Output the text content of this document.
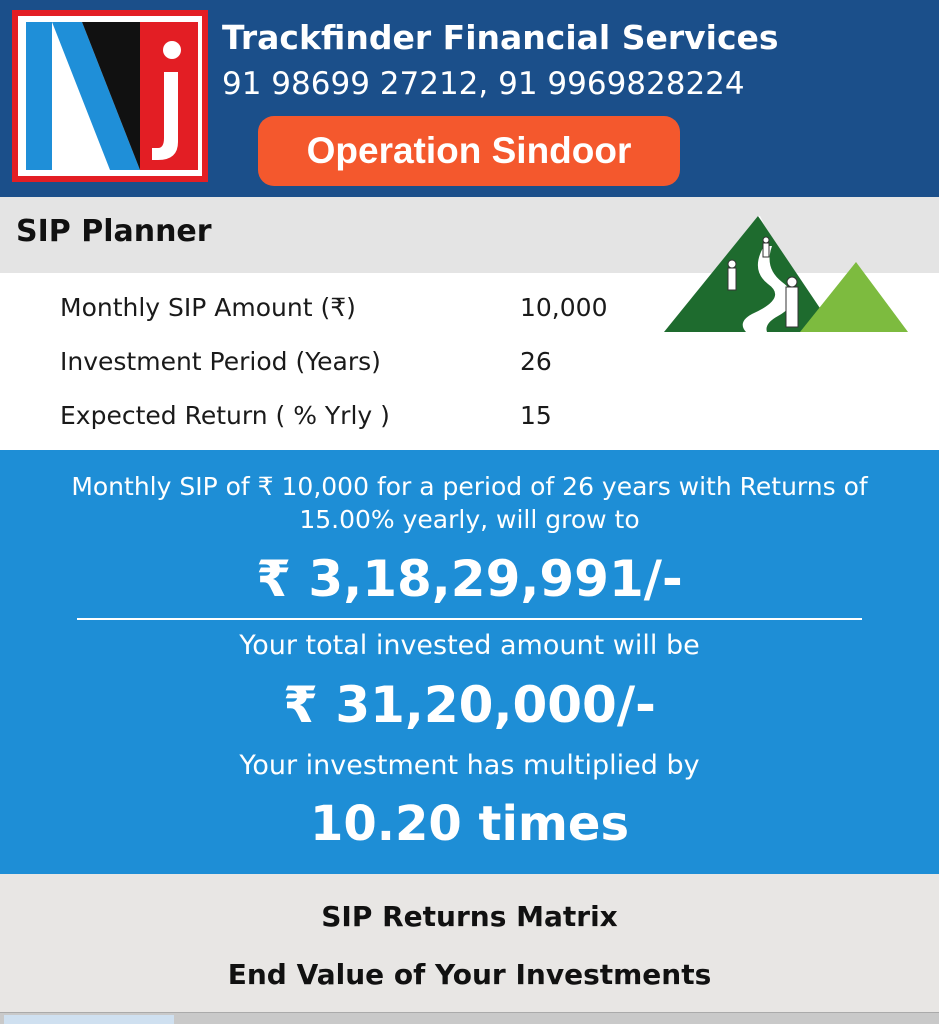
Trackfinder Financial Services
91 98699 27212, 91 9969828224
Operation Sindoor
SIP Planner
Monthly SIP Amount (₹)	10,000
Investment Period (Years)	26
Expected Return ( % Yrly )	15
Monthly SIP of ₹ 10,000 for a period of 26 years with Returns of 15.00% yearly, will grow to
₹ 3,18,29,991/-
Your total invested amount will be
₹ 31,20,000/-
Your investment has multiplied by
10.20 times
SIP Returns Matrix
End Value of Your Investments
